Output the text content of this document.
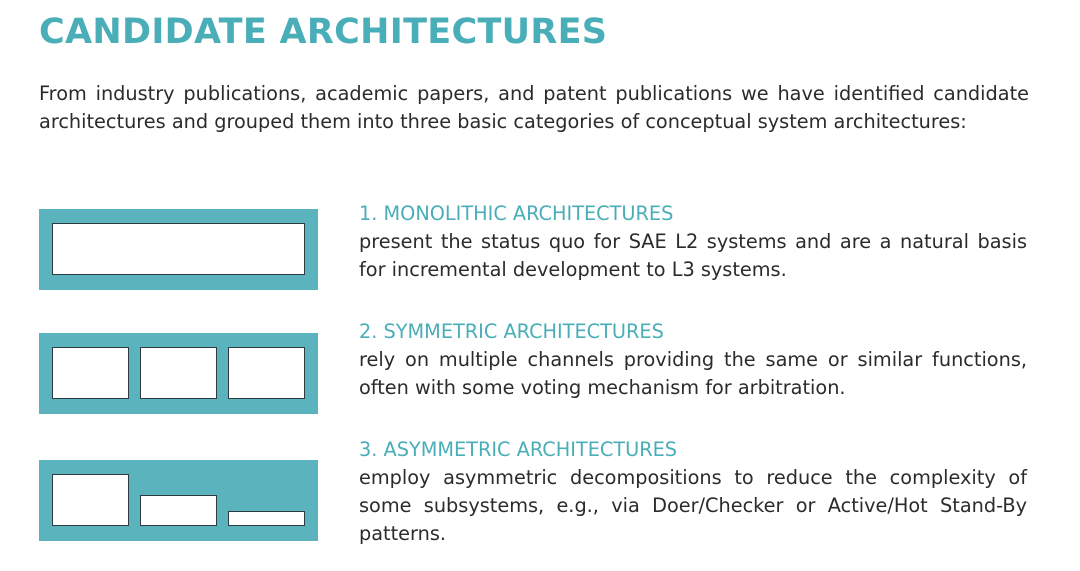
CANDIDATE ARCHITECTURES
From industry publications, academic papers, and patent publications we have identified candidate architectures and grouped them into three basic categories of conceptual system architectures:
1. MONOLITHIC ARCHITECTURES
present the status quo for SAE L2 systems and are a natural basis for incremental development to L3 systems.
2. SYMMETRIC ARCHITECTURES
rely on multiple channels providing the same or similar functions, often with some voting mechanism for arbitration.
3. ASYMMETRIC ARCHITECTURES
employ asymmetric decompositions to reduce the complexity of some subsystems, e.g., via Doer/Checker or Active/Hot Stand-By patterns.
